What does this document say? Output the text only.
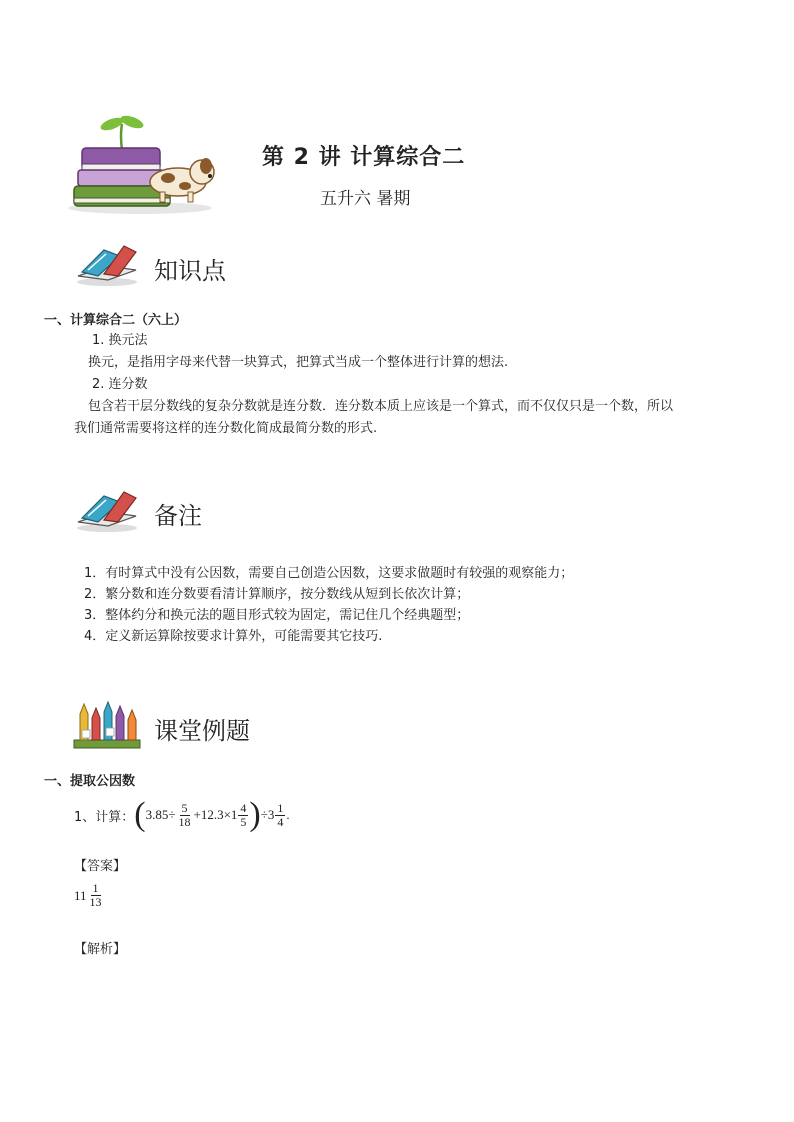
第 2 讲 计算综合二
五升六 暑期
知识点
一、计算综合二（六上）
1. 换元法
换元，是指用字母来代替一块算式，把算式当成一个整体进行计算的想法.
2. 连分数
包含若干层分数线的复杂分数就是连分数．连分数本质上应该是一个算式，而不仅仅只是一个数，所以
我们通常需要将这样的连分数化简成最简分数的形式.
备注
1．有时算式中没有公因数，需要自己创造公因数，这要求做题时有较强的观察能力；
2．繁分数和连分数要看清计算顺序，按分数线从短到长依次计算；
3．整体约分和换元法的题目形式较为固定，需记住几个经典题型；
4．定义新运算除按要求计算外，可能需要其它技巧.
课堂例题
一、提取公因数
1、计算： ( $3.85 \div \frac{5}{18} +12.3\times 1 \frac{4}{5}$ ) $\div 3 \frac{1}{4}$ .
【答案】
$11 \frac{1}{13}$
【解析】
